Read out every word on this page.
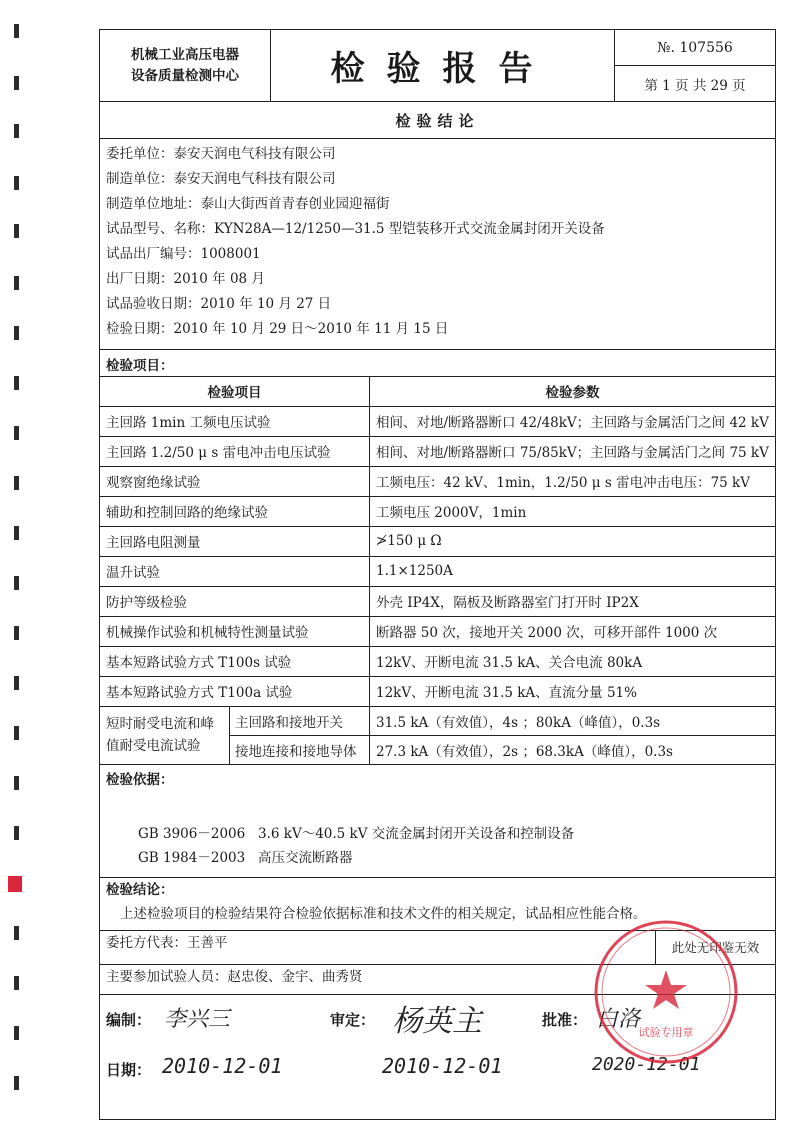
机械工业高压电器
设备质量检测中心	检验报告
№. 107556
第 1 页 共 29 页
检验结论
委托单位：泰安天润电气科技有限公司
制造单位：泰安天润电气科技有限公司
制造单位地址：泰山大街西首青春创业园迎福街
试品型号、名称：KYN28A—12/1250—31.5 型铠装移开式交流金属封闭开关设备
试品出厂编号：1008001
出厂日期：2010 年 08 月
试品验收日期：2010 年 10 月 27 日
检验日期：2010 年 10 月 29 日～2010 年 11 月 15 日
检验项目：
检验项目	检验参数
主回路 1min 工频电压试验	相间、对地/断路器断口 42/48kV；主回路与金属活门之间 42 kV
主回路 1.2/50 μ s 雷电冲击电压试验	相间、对地/断路器断口 75/85kV；主回路与金属活门之间 75 kV
观察窗绝缘试验	工频电压：42 kV、1min，1.2/50 μ s 雷电冲击电压：75 kV
辅助和控制回路的绝缘试验	工频电压 2000V，1min
主回路电阻测量	≯150 μ Ω
温升试验	1.1×1250A
防护等级检验	外壳 IP4X，隔板及断路器室门打开时 IP2X
机械操作试验和机械特性测量试验	断路器 50 次，接地开关 2000 次，可移开部件 1000 次
基本短路试验方式 T100s 试验	12kV、开断电流 31.5 kA、关合电流 80kA
基本短路试验方式 T100a 试验	12kV、开断电流 31.5 kA、直流分量 51%
短时耐受电流和峰
值耐受电流试验
主回路和接地开关 31.5 kA（有效值），4s ；80kA（峰值），0.3s
接地连接和接地导体 27.3 kA（有效值），2s ；68.3kA（峰值），0.3s
检验依据：
GB 3906－2006 3.6 kV～40.5 kV 交流金属封闭开关设备和控制设备
GB 1984－2003 高压交流断路器
检验结论：
上述检验项目的检验结果符合检验依据标准和技术文件的相关规定，试品相应性能合格。
委托方代表：王善平	此处无印鉴无效
主要参加试验人员：赵忠俊、金宇、曲秀贤
编制： 李兴三	审定： 杨英主	批准： 白洛
日期： 2010-12-01	2010-12-01	2020-12-01
试验专用章
